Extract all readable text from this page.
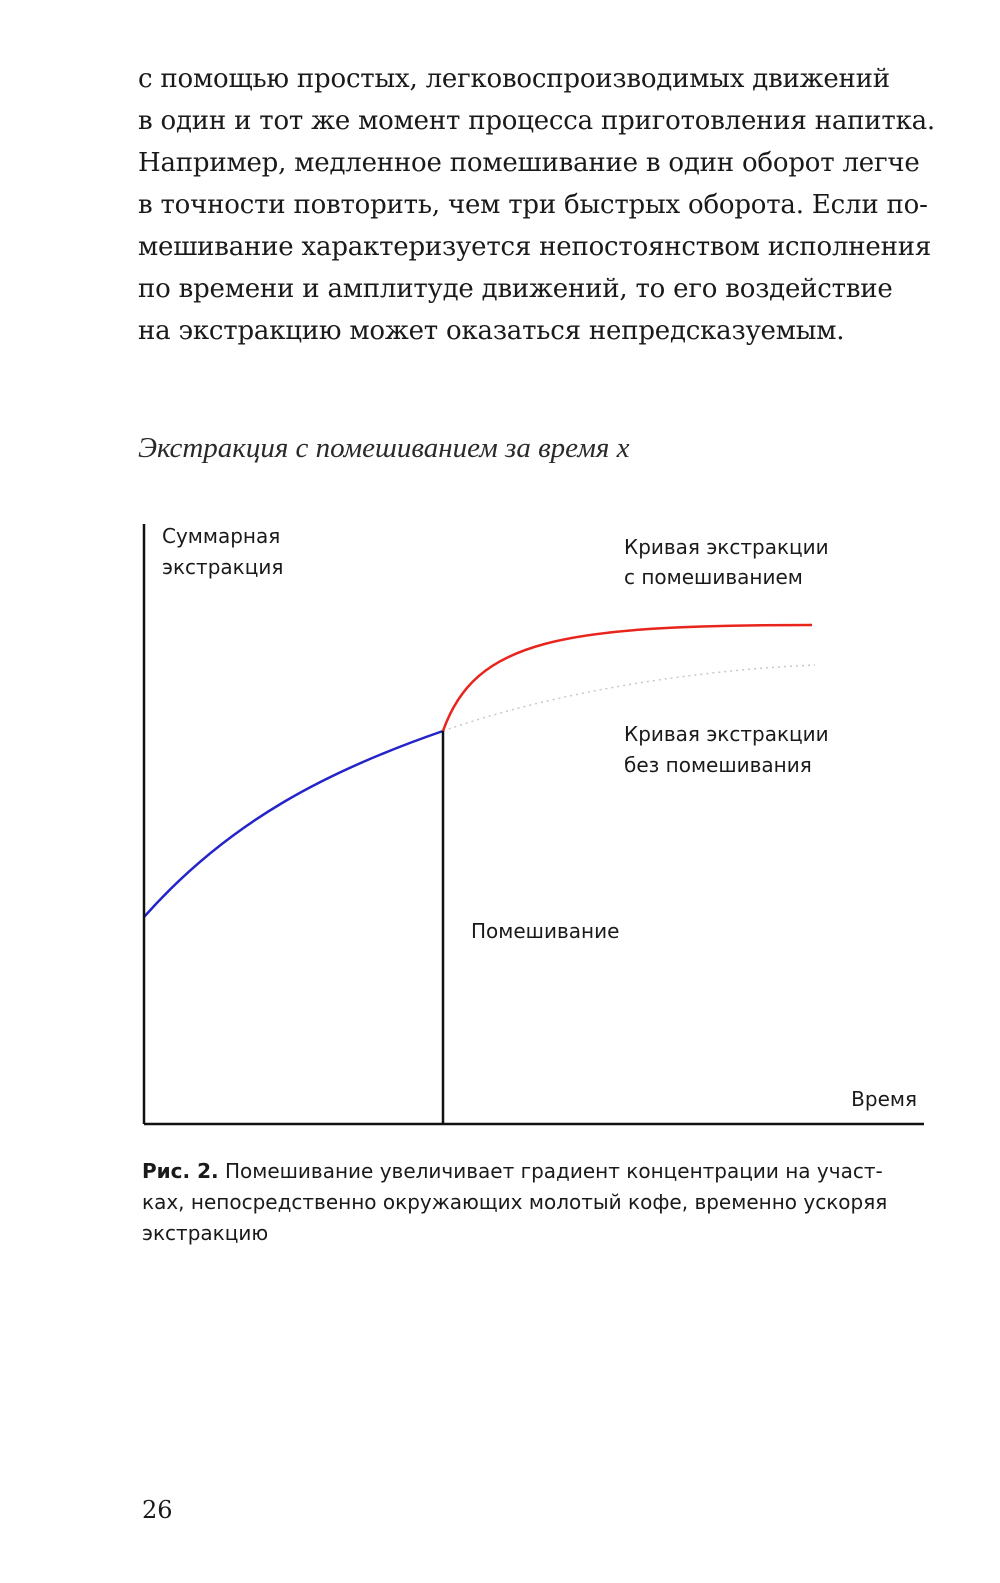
с помощью простых, легковоспроизводимых движений
в один и тот же момент процесса приготовления напитка.
Например, медленное помешивание в один оборот легче
в точности повторить, чем три быстрых оборота. Если по-
мешивание характеризуется непостоянством исполнения
по времени и амплитуде движений, то его воздействие
на экстракцию может оказаться непредсказуемым.
Экстракция с помешиванием за время х
Суммарная
экстракция
Время
Кривая экстракции
с помешиванием
Кривая экстракции
без помешивания
Помешивание

Рис. 2. Помешивание увеличивает градиент концентрации на участ-
ках, непосредственно окружающих молотый кофе, временно ускоряя
экстракцию

26
